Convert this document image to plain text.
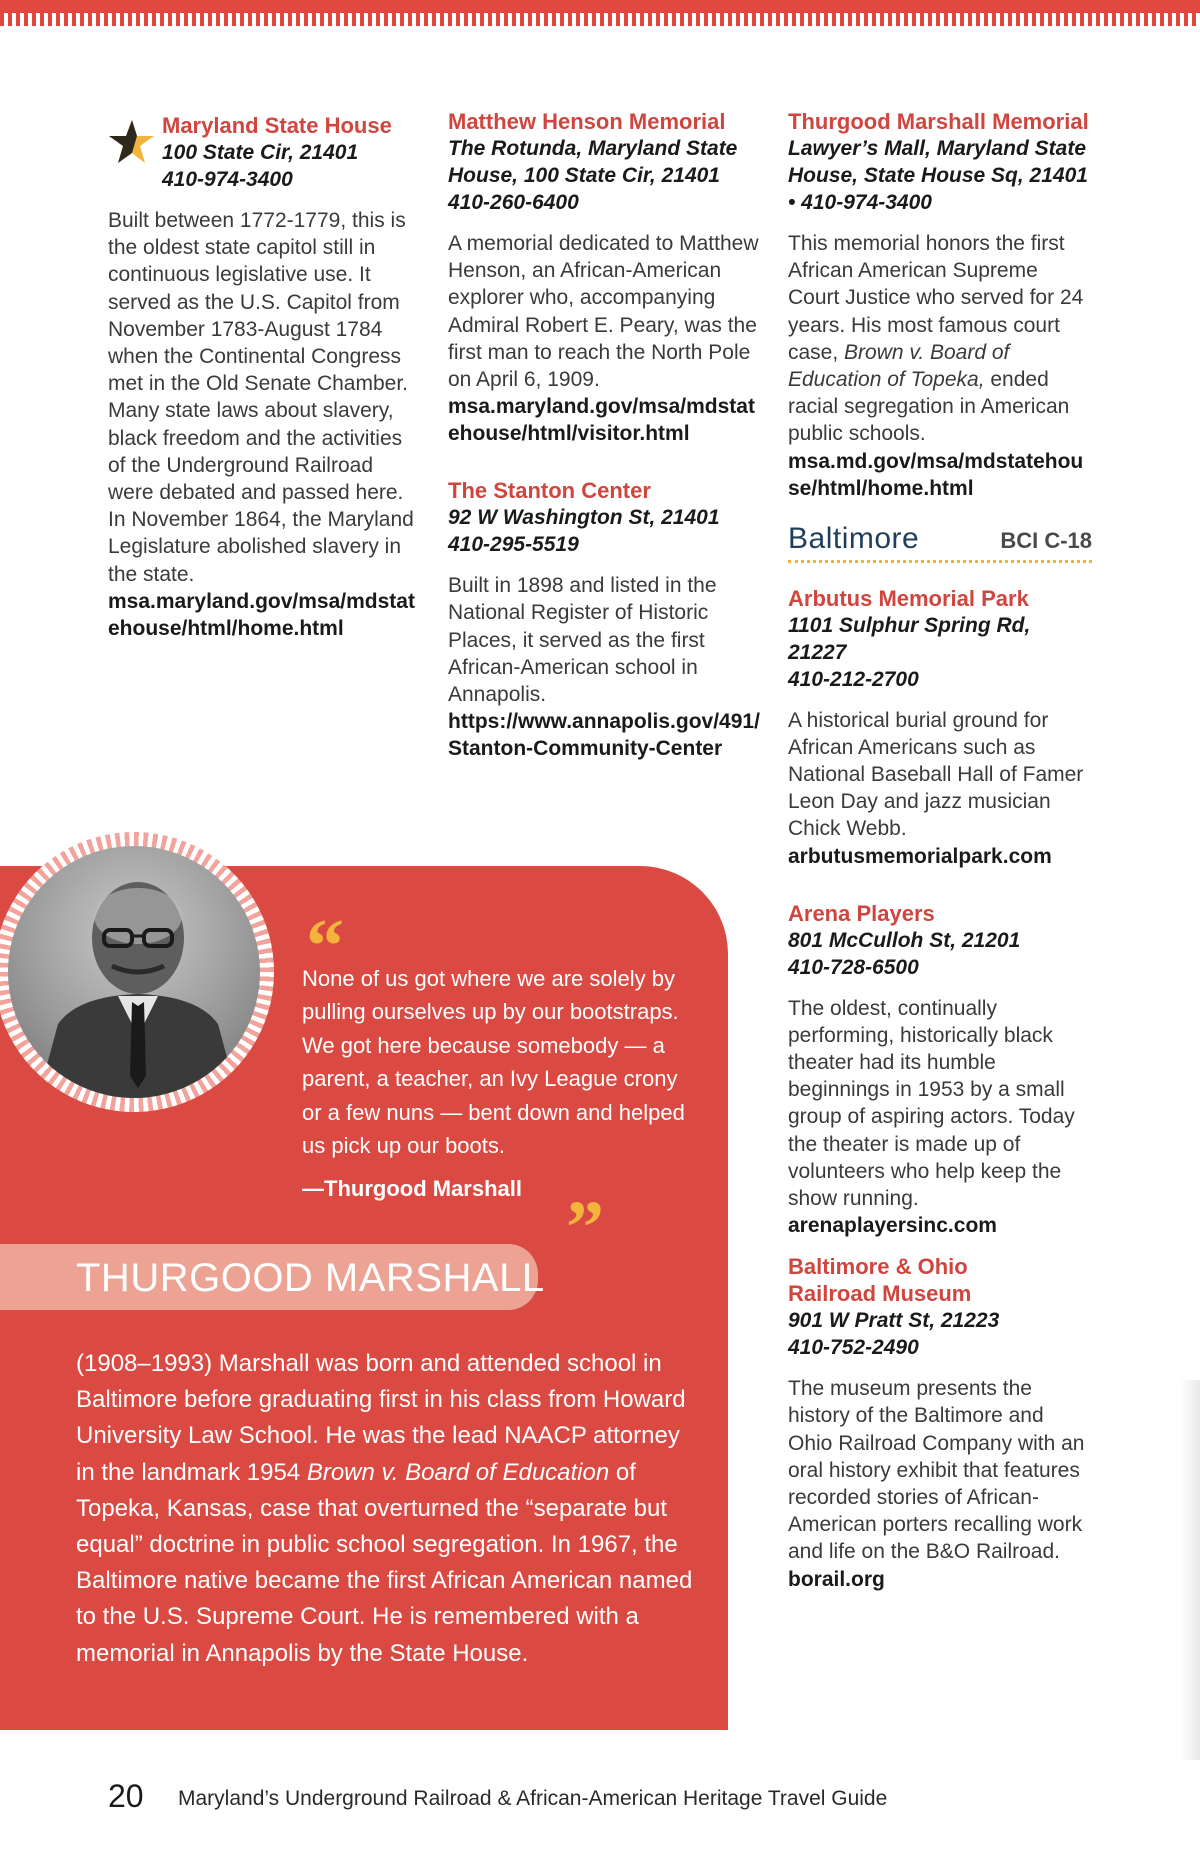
Maryland State House
100 State Cir, 21401
410-974-3400
Built between 1772-1779, this is the oldest state capitol still in continuous legislative use. It served as the U.S. Capitol from November 1783-August 1784 when the Continental Congress met in the Old Senate Chamber. Many state laws about slavery, black freedom and the activities of the Underground Railroad were debated and passed here. In November 1864, the Maryland Legislature abolished slavery in the state.
msa.maryland.gov/msa/mdstatehouse/html/home.html
Matthew Henson Memorial
The Rotunda, Maryland State House, 100 State Cir, 21401
410-260-6400
A memorial dedicated to Matthew Henson, an African-American explorer who, accompanying Admiral Robert E. Peary, was the first man to reach the North Pole on April 6, 1909.
msa.maryland.gov/msa/mdstatehouse/html/visitor.html
The Stanton Center
92 W Washington St, 21401
410-295-5519
Built in 1898 and listed in the National Register of Historic Places, it served as the first African-American school in Annapolis.
https://www.annapolis.gov/491/Stanton-Community-Center
Thurgood Marshall Memorial
Lawyer’s Mall, Maryland State House, State House Sq, 21401 • 410-974-3400
This memorial honors the first African American Supreme Court Justice who served for 24 years. His most famous court case, Brown v. Board of Education of Topeka, ended racial segregation in American public schools.
msa.md.gov/msa/mdstatehouse/html/home.html
Baltimore	BCI C-18
Arbutus Memorial Park
1101 Sulphur Spring Rd, 21227
410-212-2700
A historical burial ground for African Americans such as National Baseball Hall of Famer Leon Day and jazz musician Chick Webb.
arbutusmemorialpark.com
Arena Players
801 McCulloh St, 21201
410-728-6500
The oldest, continually performing, historically black theater had its humble beginnings in 1953 by a small group of aspiring actors. Today the theater is made up of volunteers who help keep the show running.
arenaplayersinc.com
Baltimore & Ohio Railroad Museum
901 W Pratt St, 21223
410-752-2490
The museum presents the history of the Baltimore and Ohio Railroad Company with an oral history exhibit that features recorded stories of African-American porters recalling work and life on the B&O Railroad.
borail.org
“
None of us got where we are solely by pulling ourselves up by our bootstraps. We got here because somebody — a parent, a teacher, an Ivy League crony or a few nuns — bent down and helped us pick up our boots.
—Thurgood Marshall ”
THURGOOD MARSHALL
(1908–1993) Marshall was born and attended school in Baltimore before graduating first in his class from Howard University Law School. He was the lead NAACP attorney in the landmark 1954 Brown v. Board of Education of Topeka, Kansas, case that overturned the “separate but equal” doctrine in public school segregation. In 1967, the Baltimore native became the first African American named to the U.S. Supreme Court. He is remembered with a memorial in Annapolis by the State House.
20 Maryland’s Underground Railroad & African-American Heritage Travel Guide
